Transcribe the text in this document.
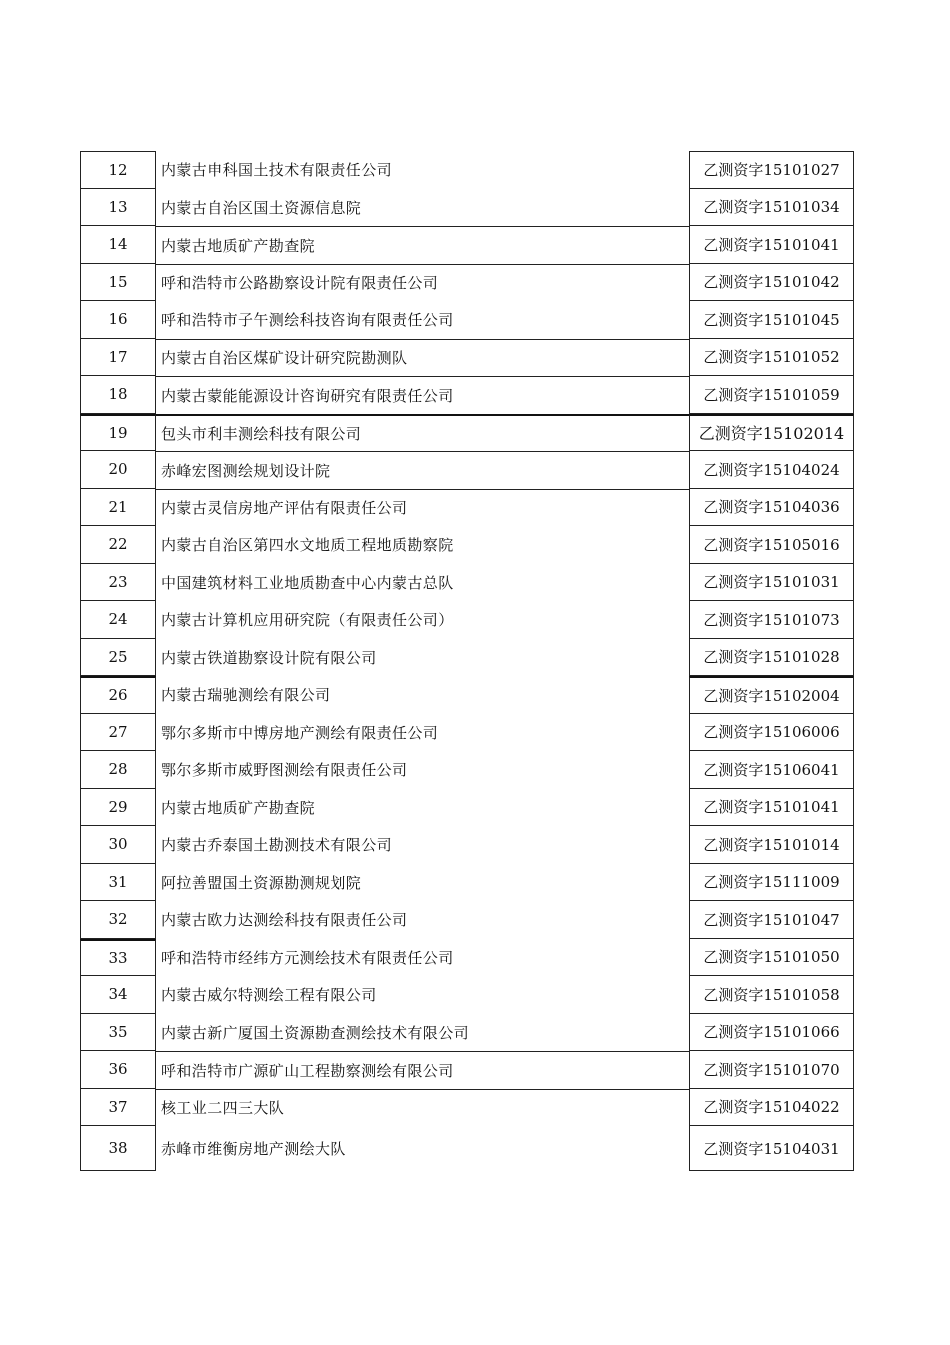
12	内蒙古申科国土技术有限责任公司	乙测资字15101027
13	内蒙古自治区国土资源信息院	乙测资字15101034
14	内蒙古地质矿产勘查院	乙测资字15101041
15	呼和浩特市公路勘察设计院有限责任公司	乙测资字15101042
16	呼和浩特市子午测绘科技咨询有限责任公司	乙测资字15101045
17	内蒙古自治区煤矿设计研究院勘测队	乙测资字15101052
18	内蒙古蒙能能源设计咨询研究有限责任公司	乙测资字15101059
19	包头市利丰测绘科技有限公司	乙测资字15102014
20	赤峰宏图测绘规划设计院	乙测资字15104024
21	内蒙古灵信房地产评估有限责任公司	乙测资字15104036
22	内蒙古自治区第四水文地质工程地质勘察院	乙测资字15105016
23	中国建筑材料工业地质勘查中心内蒙古总队	乙测资字15101031
24	内蒙古计算机应用研究院（有限责任公司）	乙测资字15101073
25	内蒙古铁道勘察设计院有限公司	乙测资字15101028
26	内蒙古瑞驰测绘有限公司	乙测资字15102004
27	鄂尔多斯市中博房地产测绘有限责任公司	乙测资字15106006
28	鄂尔多斯市威野图测绘有限责任公司	乙测资字15106041
29	内蒙古地质矿产勘查院	乙测资字15101041
30	内蒙古乔泰国土勘测技术有限公司	乙测资字15101014
31	阿拉善盟国土资源勘测规划院	乙测资字15111009
32	内蒙古欧力达测绘科技有限责任公司	乙测资字15101047
33	呼和浩特市经纬方元测绘技术有限责任公司	乙测资字15101050
34	内蒙古威尔特测绘工程有限公司	乙测资字15101058
35	内蒙古新广厦国土资源勘查测绘技术有限公司	乙测资字15101066
36	呼和浩特市广源矿山工程勘察测绘有限公司	乙测资字15101070
37	核工业二四三大队	乙测资字15104022
38	赤峰市维衡房地产测绘大队	乙测资字15104031
